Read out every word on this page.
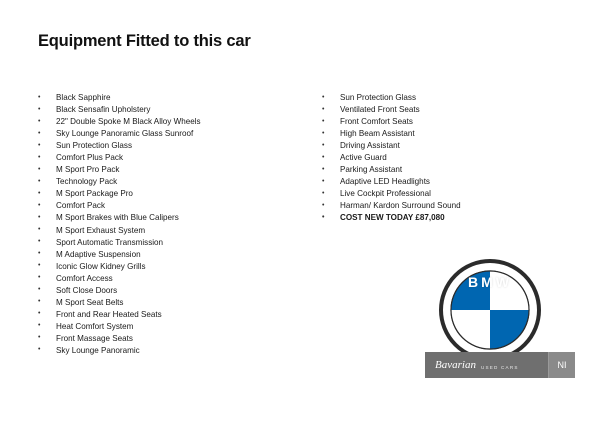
Equipment Fitted to this car
• Black Sapphire
• Black Sensafin Upholstery
• 22" Double Spoke M Black Alloy Wheels
• Sky Lounge Panoramic Glass Sunroof
• Sun Protection Glass
• Comfort Plus Pack
• M Sport Pro Pack
• Technology Pack
• M Sport Package Pro
• Comfort Pack
• M Sport Brakes with Blue Calipers
• M Sport Exhaust System
• Sport Automatic Transmission
• M Adaptive Suspension
• Iconic Glow Kidney Grills
• Comfort Access
• Soft Close Doors
• M Sport Seat Belts
• Front and Rear Heated Seats
• Heat Comfort System
• Front Massage Seats
• Sky Lounge Panoramic
• Sun Protection Glass
• Ventilated Front Seats
• Front Comfort Seats
• High Beam Assistant
• Driving Assistant
• Active Guard
• Parking Assistant
• Adaptive LED Headlights
• Live Cockpit Professional
• Harman/ Kardon Surround Sound
• COST NEW TODAY £87,080
BMW
Bavarian	USED CARS	NI
